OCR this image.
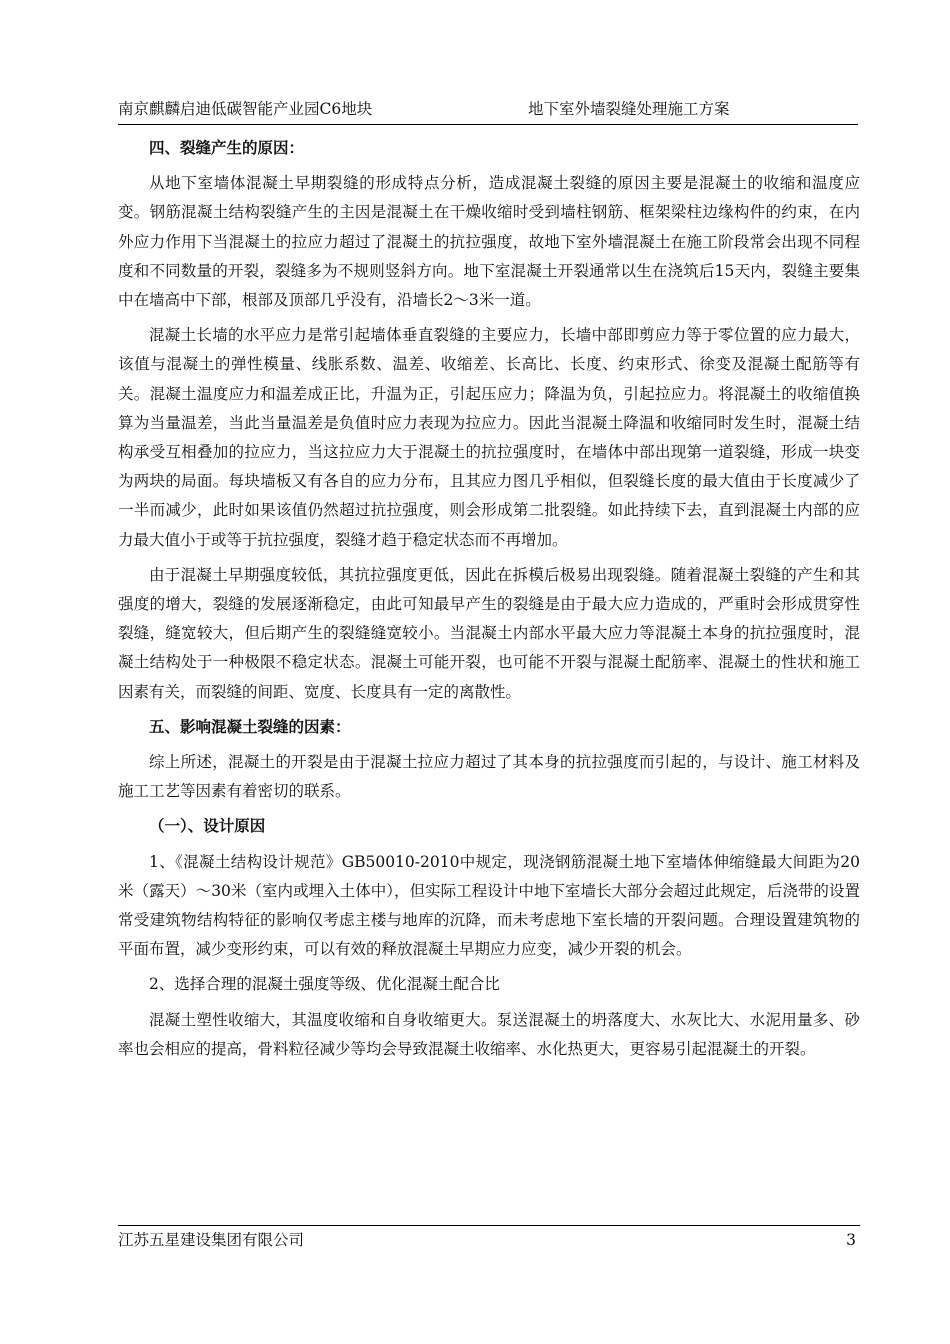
南京麒麟启迪低碳智能产业园C6地块	地下室外墙裂缝处理施工方案
四、裂缝产生的原因：

从地下室墙体混凝土早期裂缝的形成特点分析，造成混凝土裂缝的原因主要是混凝土的收缩和温度应变。钢筋混凝土结构裂缝产生的主因是混凝土在干燥收缩时受到墙柱钢筋、框架梁柱边缘构件的约束，在内外应力作用下当混凝土的拉应力超过了混凝土的抗拉强度，故地下室外墙混凝土在施工阶段常会出现不同程度和不同数量的开裂，裂缝多为不规则竖斜方向。地下室混凝土开裂通常以生在浇筑后15天内，裂缝主要集中在墙高中下部，根部及顶部几乎没有，沿墙长2～3米一道。

混凝土长墙的水平应力是常引起墙体垂直裂缝的主要应力，长墙中部即剪应力等于零位置的应力最大，该值与混凝土的弹性模量、线胀系数、温差、收缩差、长高比、长度、约束形式、徐变及混凝土配筋等有关。混凝土温度应力和温差成正比，升温为正，引起压应力；降温为负，引起拉应力。将混凝土的收缩值换算为当量温差，当此当量温差是负值时应力表现为拉应力。因此当混凝土降温和收缩同时发生时，混凝土结构承受互相叠加的拉应力，当这拉应力大于混凝土的抗拉强度时，在墙体中部出现第一道裂缝，形成一块变为两块的局面。每块墙板又有各自的应力分布，且其应力图几乎相似，但裂缝长度的最大值由于长度减少了一半而减少，此时如果该值仍然超过抗拉强度，则会形成第二批裂缝。如此持续下去，直到混凝土内部的应力最大值小于或等于抗拉强度，裂缝才趋于稳定状态而不再增加。

由于混凝土早期强度较低，其抗拉强度更低，因此在拆模后极易出现裂缝。随着混凝土裂缝的产生和其强度的增大，裂缝的发展逐渐稳定，由此可知最早产生的裂缝是由于最大应力造成的，严重时会形成贯穿性裂缝，缝宽较大，但后期产生的裂缝缝宽较小。当混凝土内部水平最大应力等混凝土本身的抗拉强度时，混凝土结构处于一种极限不稳定状态。混凝土可能开裂，也可能不开裂与混凝土配筋率、混凝土的性状和施工因素有关，而裂缝的间距、宽度、长度具有一定的离散性。

五、影响混凝土裂缝的因素：

综上所述，混凝土的开裂是由于混凝土拉应力超过了其本身的抗拉强度而引起的，与设计、施工材料及施工工艺等因素有着密切的联系。

（一）、设计原因

1、《混凝土结构设计规范》GB50010-2010中规定，现浇钢筋混凝土地下室墙体伸缩缝最大间距为20米（露天）～30米（室内或埋入土体中），但实际工程设计中地下室墙长大部分会超过此规定，后浇带的设置常受建筑物结构特征的影响仅考虑主楼与地库的沉降，而未考虑地下室长墙的开裂问题。合理设置建筑物的平面布置，减少变形约束，可以有效的释放混凝土早期应力应变，减少开裂的机会。

2、选择合理的混凝土强度等级、优化混凝土配合比

混凝土塑性收缩大，其温度收缩和自身收缩更大。泵送混凝土的坍落度大、水灰比大、水泥用量多、砂率也会相应的提高，骨料粒径减少等均会导致混凝土收缩率、水化热更大，更容易引起混凝土的开裂。

江苏五星建设集团有限公司	3
